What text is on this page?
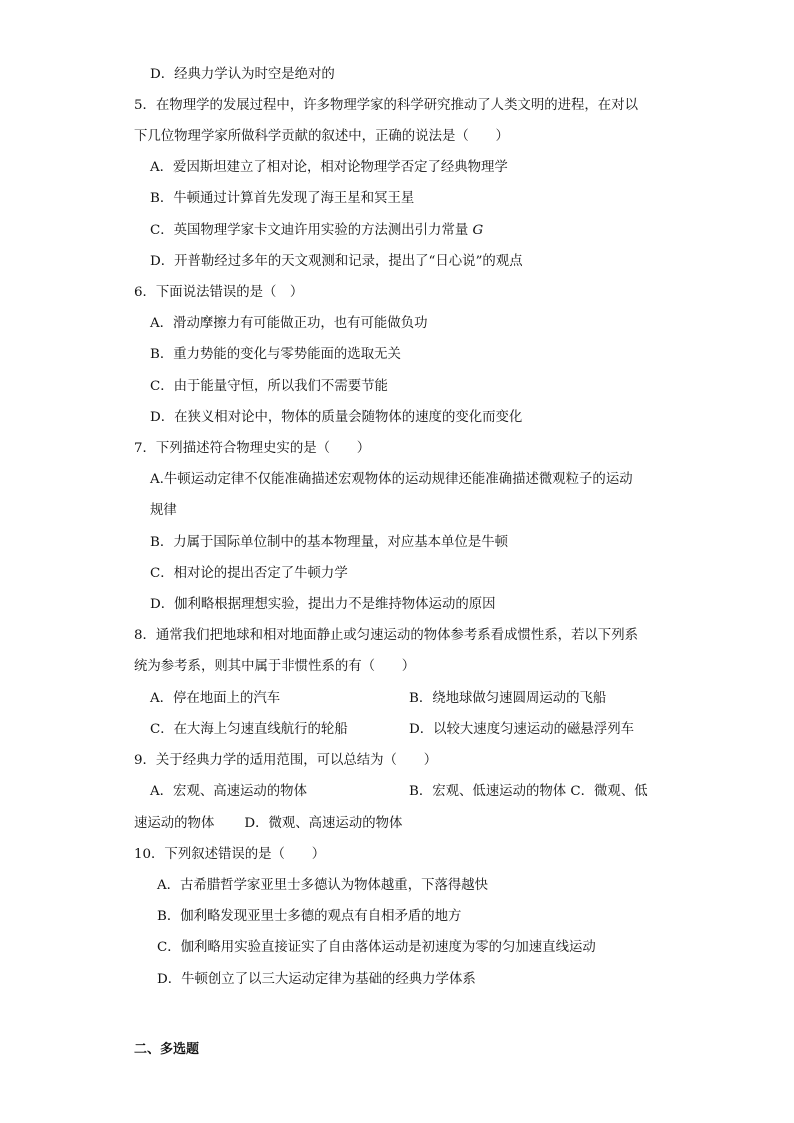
D．经典力学认为时空是绝对的
5．在物理学的发展过程中，许多物理学家的科学研究推动了人类文明的进程，在对以
下几位物理学家所做科学贡献的叙述中，正确的说法是（　　）
A．爱因斯坦建立了相对论，相对论物理学否定了经典物理学
B．牛顿通过计算首先发现了海王星和冥王星
C．英国物理学家卡文迪许用实验的方法测出引力常量 G
D．开普勒经过多年的天文观测和记录，提出了“日心说”的观点
6．下面说法错误的是（　）
A．滑动摩擦力有可能做正功，也有可能做负功
B．重力势能的变化与零势能面的选取无关
C．由于能量守恒，所以我们不需要节能
D．在狭义相对论中，物体的质量会随物体的速度的变化而变化
7．下列描述符合物理史实的是（　　）
A.牛顿运动定律不仅能准确描述宏观物体的运动规律还能准确描述微观粒子的运动
规律
B．力属于国际单位制中的基本物理量，对应基本单位是牛顿
C．相对论的提出否定了牛顿力学
D．伽利略根据理想实验，提出力不是维持物体运动的原因
8．通常我们把地球和相对地面静止或匀速运动的物体参考系看成惯性系，若以下列系
统为参考系，则其中属于非惯性系的有（　　）
A．停在地面上的汽车	B．绕地球做匀速圆周运动的飞船
C．在大海上匀速直线航行的轮船	D．以较大速度匀速运动的磁悬浮列车
9．关于经典力学的适用范围，可以总结为（　　）
A．宏观、高速运动的物体	B．宏观、低速运动的物体 C．微观、低
速运动的物体 D．微观、高速运动的物体
10．下列叙述错误的是（　　）
A．古希腊哲学家亚里士多德认为物体越重，下落得越快
B．伽利略发现亚里士多德的观点有自相矛盾的地方
C．伽利略用实验直接证实了自由落体运动是初速度为零的匀加速直线运动
D．牛顿创立了以三大运动定律为基础的经典力学体系
二、多选题
